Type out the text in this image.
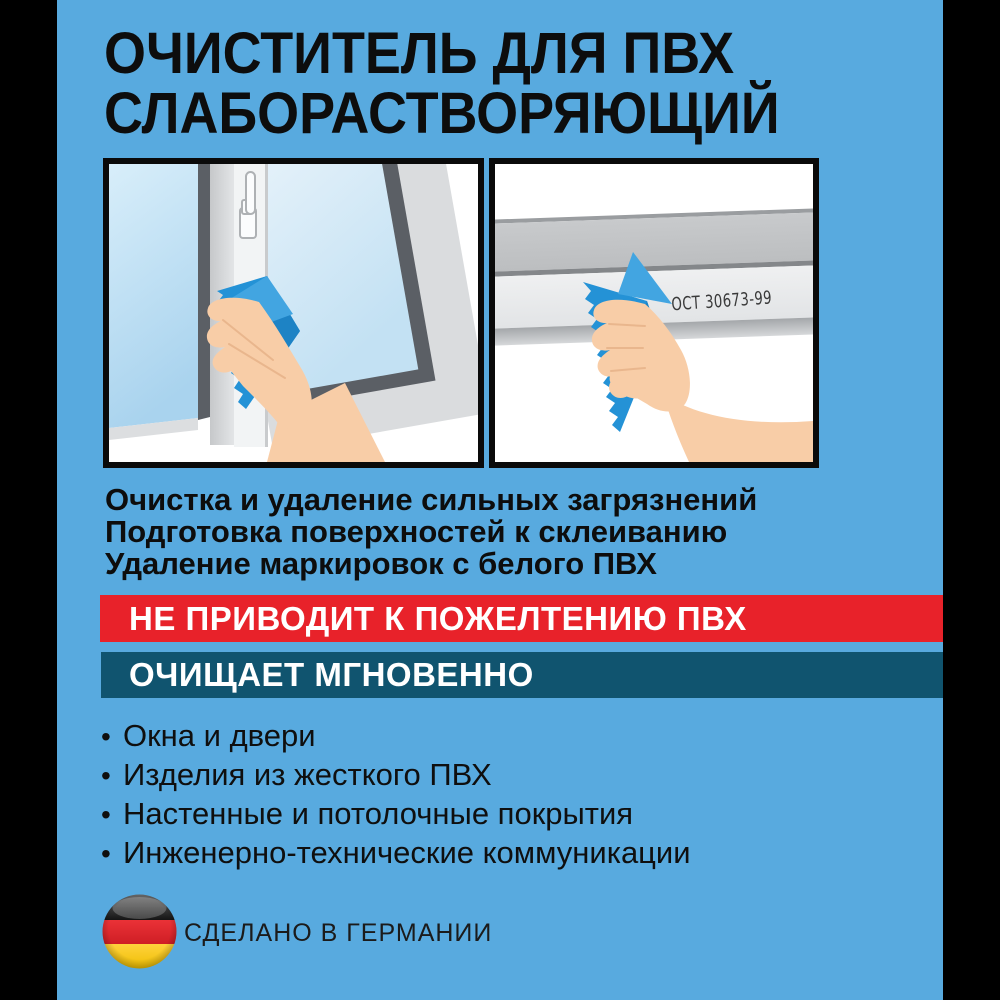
ОЧИСТИТЕЛЬ ДЛЯ ПВХ
СЛАБОРАСТВОРЯЮЩИЙ
ОСТ 30673-99
Очистка и удаление сильных загрязнений
Подготовка поверхностей к склеиванию
Удаление маркировок с белого ПВХ
НЕ ПРИВОДИТ К ПОЖЕЛТЕНИЮ ПВХ
ОЧИЩАЕТ МГНОВЕННО
• Окна и двери
• Изделия из жесткого ПВХ
• Настенные и потолочные покрытия
• Инженерно-технические коммуникации
СДЕЛАНО В ГЕРМАНИИ
